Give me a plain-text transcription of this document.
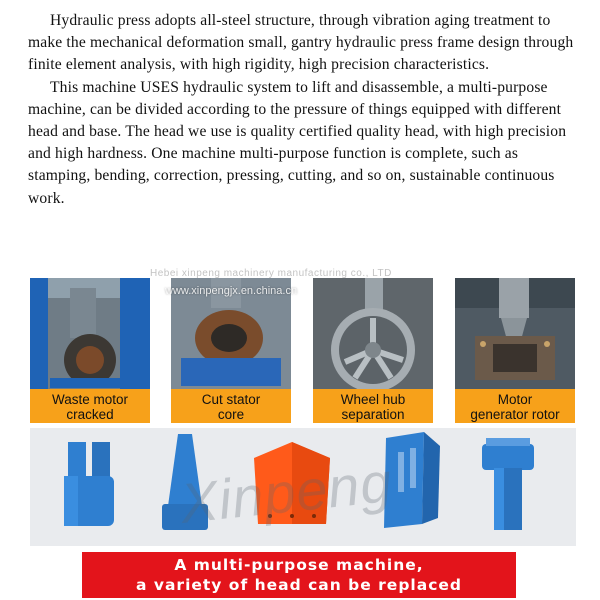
Hydraulic press adopts all-steel structure, through vibration aging treatment to make the mechanical deformation small, gantry hydraulic press frame design through finite element analysis, with high rigidity, high precision characteristics.

This machine USES hydraulic system to lift and disassemble, a multi-purpose machine, can be divided according to the pressure of things equipped with different head and base. The head we use is quality certified quality head, with high precision and high hardness. One machine multi-purpose function is complete, such as stamping, bending, correction, pressing, cutting, and so on, sustainable continuous work.

Waste motor
cracked
Cut stator
core
Wheel hub
separation
Motor
generator rotor
Hebei xinpeng machinery manufacturing co., LTD
www.xinpengjx.en.china.cn
Xinpeng
A multi-purpose machine,
a variety of head can be replaced
